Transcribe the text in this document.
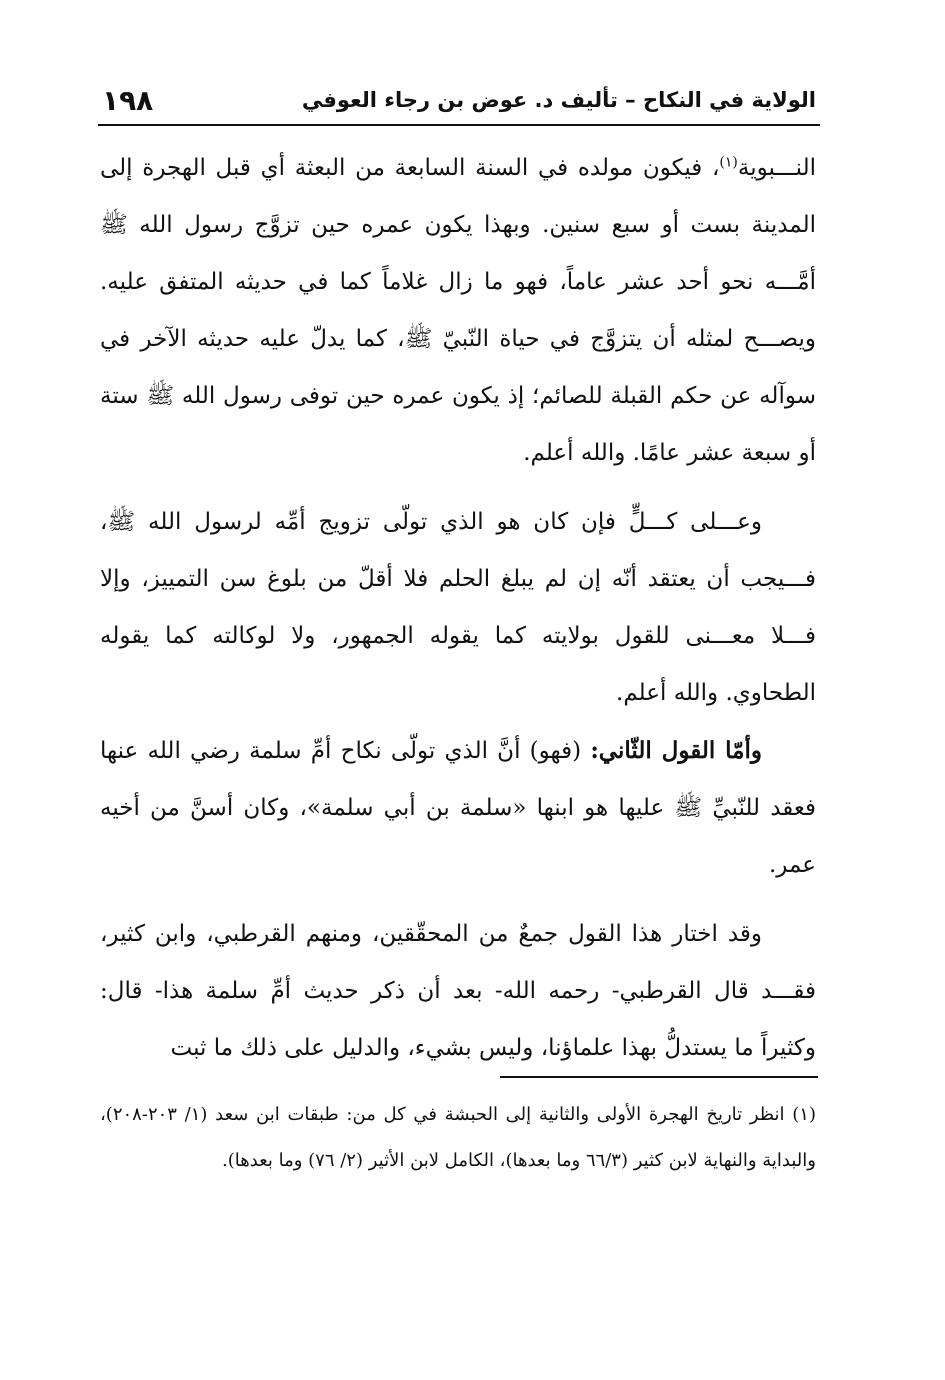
الولاية في النكاح – تأليف د. عوض بن رجاء العوفي
١٩٨

النـــبوية$^{(١)}$، فيكون مولده في السنة السابعة من البعثة أي قبل الهجرة إلى المدينة بست أو سبع سنين. وبهذا يكون عمره حين تزوَّج رسول الله ﷺ أمَّـــه نحو أحد عشر عاماً، فهو ما زال غلاماً كما في حديثه المتفق عليه. ويصـــح لمثله أن يتزوَّج في حياة النّبيّ ﷺ، كما يدلّ عليه حديثه الآخر في سوآله عن حكم القبلة للصائم؛ إذ يكون عمره حين توفى رسول الله ﷺ ستة أو سبعة عشر عامًا. والله أعلم.

وعـــلى كـــلٍّ فإن كان هو الذي تولّى تزويج أمِّه لرسول الله ﷺ، فـــيجب أن يعتقد أنّه إن لم يبلغ الحلم فلا أقلّ من بلوغ سن التمييز، وإلا فـــلا معـــنى للقول بولايته كما يقوله الجمهور، ولا لوكالته كما يقوله الطحاوي. والله أعلم.

وأمّا القول الثّاني: (فهو) أنَّ الذي تولّى نكاح أمِّ سلمة رضي الله عنها فعقد للنّبيِّ ﷺ عليها هو ابنها «سلمة بن أبي سلمة»، وكان أسنَّ من أخيه عمر.

وقد اختار هذا القول جمعٌ من المحقّقين، ومنهم القرطبي، وابن كثير، فقـــد قال القرطبي- رحمه الله- بعد أن ذكر حديث أمِّ سلمة هذا- قال: وكثيراً ما يستدلُّ بهذا علماؤنا، وليس بشيء، والدليل على ذلك ما ثبت

(١) انظر تاريخ الهجرة الأولى والثانية إلى الحبشة في كل من: طبقات ابن سعد (١/ ٢٠٣-٢٠٨)، والبداية والنهاية لابن كثير (٦٦/٣ وما بعدها)، الكامل لابن الأثير (٢/ ٧٦) وما بعدها).
